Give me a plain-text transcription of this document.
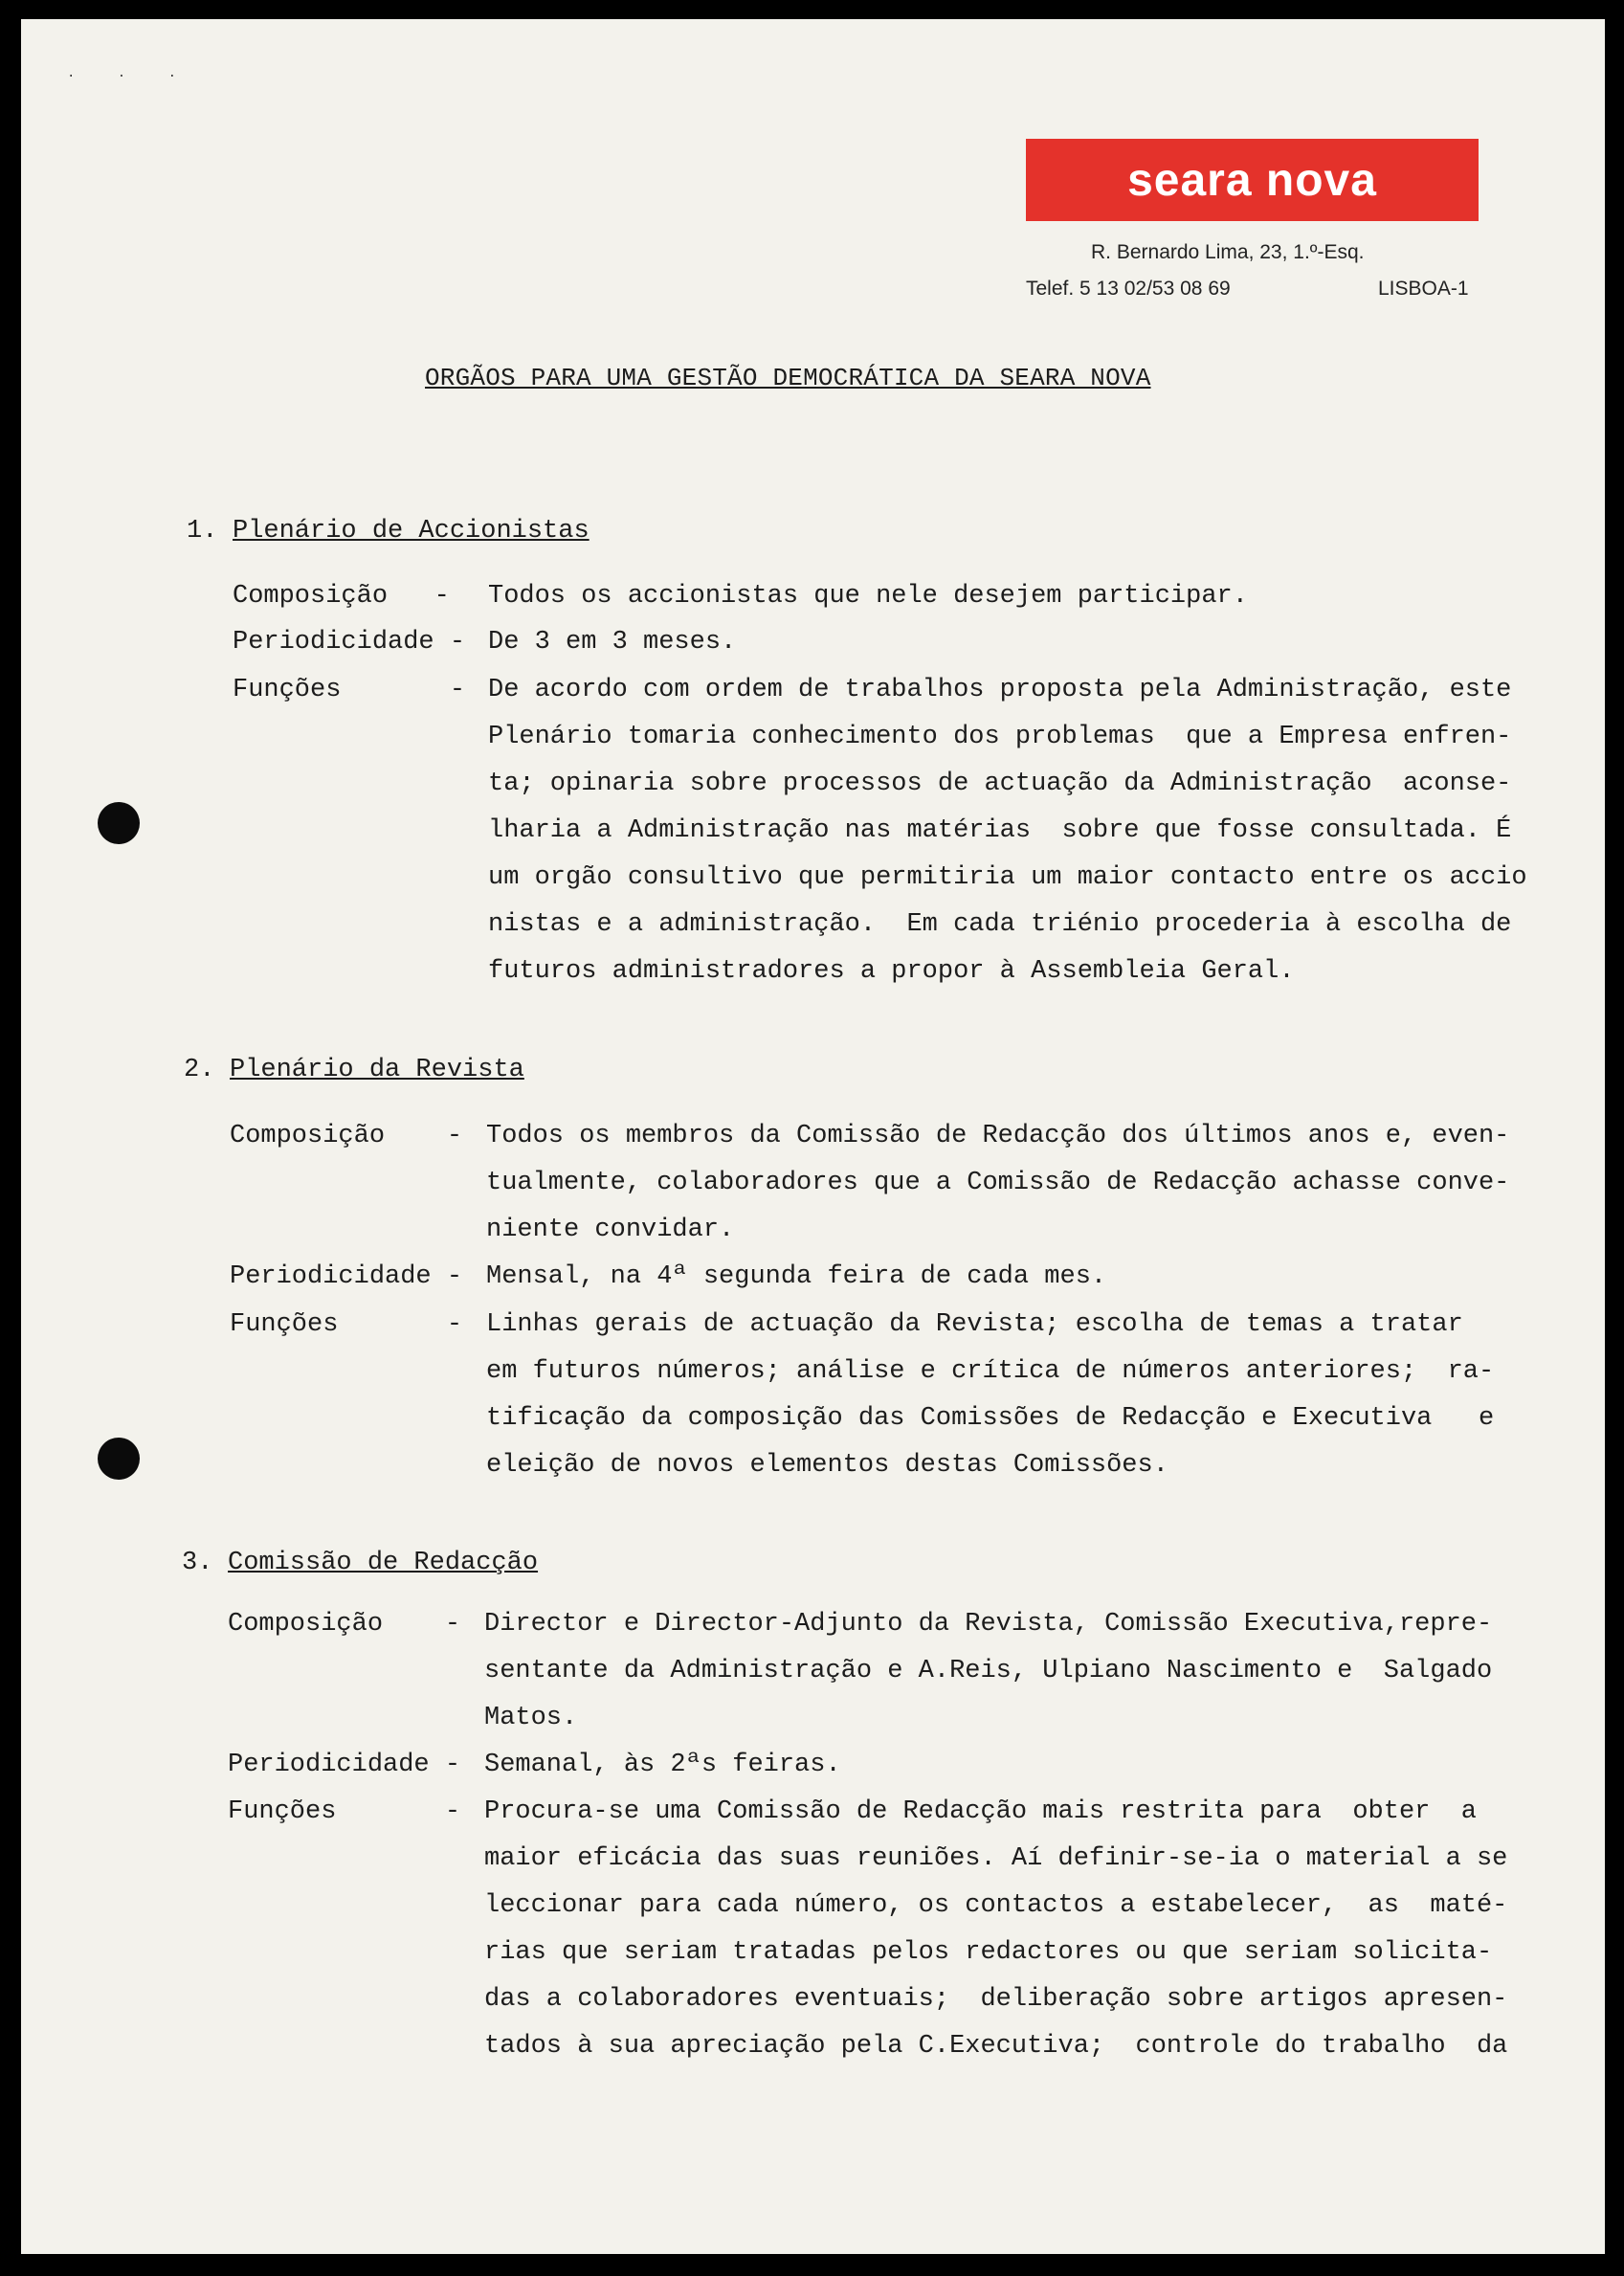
· · ·
seara nova
R. Bernardo Lima, 23, 1.º-Esq.
Telef. 5 13 02/53 08 69	LISBOA-1
ORGÃOS PARA UMA GESTÃO DEMOCRÁTICA DA SEARA NOVA
1. Plenário de Accionistas
Composição   - Todos os accionistas que nele desejem participar.
Periodicidade - De 3 em 3 meses.
Funções       - De acordo com ordem de trabalhos proposta pela Administração, este
Plenário tomaria conhecimento dos problemas  que a Empresa enfren-
ta; opinaria sobre processos de actuação da Administração  aconse-
lharia a Administração nas matérias  sobre que fosse consultada. É
um orgão consultivo que permitiria um maior contacto entre os accio
nistas e a administração.  Em cada triénio procederia à escolha de
futuros administradores a propor à Assembleia Geral.
2. Plenário da Revista
Composição    - Todos os membros da Comissão de Redacção dos últimos anos e, even-
tualmente, colaboradores que a Comissão de Redacção achasse conve-
niente convidar.
Periodicidade - Mensal, na 4ª segunda feira de cada mes.
Funções       - Linhas gerais de actuação da Revista; escolha de temas a tratar
em futuros números; análise e crítica de números anteriores;  ra-
tificação da composição das Comissões de Redacção e Executiva   e
eleição de novos elementos destas Comissões.
3. Comissão de Redacção
Composição    - Director e Director-Adjunto da Revista, Comissão Executiva,repre-
sentante da Administração e A.Reis, Ulpiano Nascimento e  Salgado
Matos.
Periodicidade - Semanal, às 2ªs feiras.
Funções       - Procura-se uma Comissão de Redacção mais restrita para  obter  a
maior eficácia das suas reuniões. Aí definir-se-ia o material a se
leccionar para cada número, os contactos a estabelecer,  as  maté-
rias que seriam tratadas pelos redactores ou que seriam solicita-
das a colaboradores eventuais;  deliberação sobre artigos apresen-
tados à sua apreciação pela C.Executiva;  controle do trabalho  da
